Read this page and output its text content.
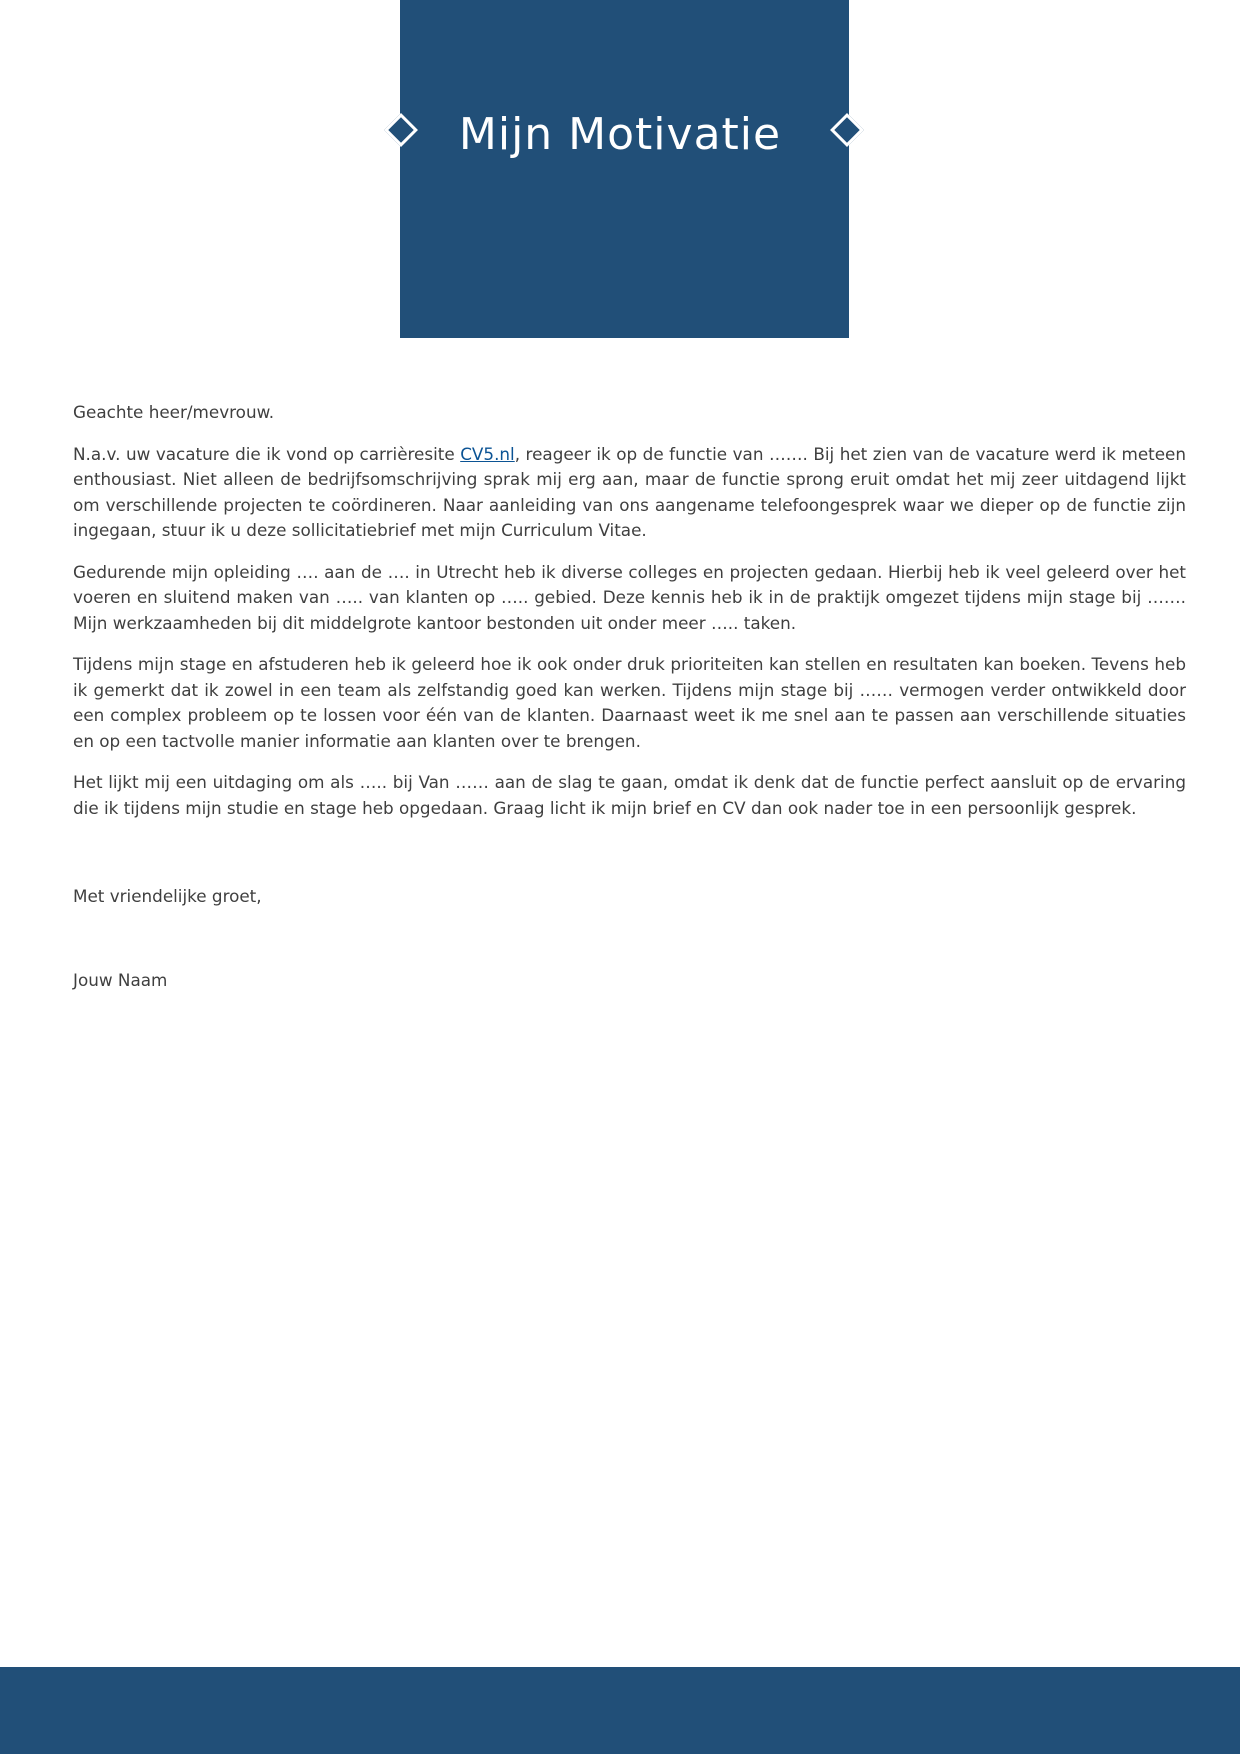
Mijn Motivatie

Geachte heer/mevrouw.

N.a.v. uw vacature die ik vond op carrièresite CV5.nl, reageer ik op de functie van ……. Bij het zien van de vacature werd ik meteen enthousiast. Niet alleen de bedrijfsomschrijving sprak mij erg aan, maar de functie sprong eruit omdat het mij zeer uitdagend lijkt om verschillende projecten te coördineren. Naar aanleiding van ons aangename telefoongesprek waar we dieper op de functie zijn ingegaan, stuur ik u deze sollicitatiebrief met mijn Curriculum Vitae.

Gedurende mijn opleiding …. aan de …. in Utrecht heb ik diverse colleges en projecten gedaan. Hierbij heb ik veel geleerd over het voeren en sluitend maken van ….. van klanten op ….. gebied. Deze kennis heb ik in de praktijk omgezet tijdens mijn stage bij ……. Mijn werkzaamheden bij dit middelgrote kantoor bestonden uit onder meer ….. taken.

Tijdens mijn stage en afstuderen heb ik geleerd hoe ik ook onder druk prioriteiten kan stellen en resultaten kan boeken. Tevens heb ik gemerkt dat ik zowel in een team als zelfstandig goed kan werken. Tijdens mijn stage bij …… vermogen verder ontwikkeld door een complex probleem op te lossen voor één van de klanten. Daarnaast weet ik me snel aan te passen aan verschillende situaties en op een tactvolle manier informatie aan klanten over te brengen.

Het lijkt mij een uitdaging om als ….. bij Van …… aan de slag te gaan, omdat ik denk dat de functie perfect aansluit op de ervaring die ik tijdens mijn studie en stage heb opgedaan. Graag licht ik mijn brief en CV dan ook nader toe in een persoonlijk gesprek.

Met vriendelijke groet,

Jouw Naam
